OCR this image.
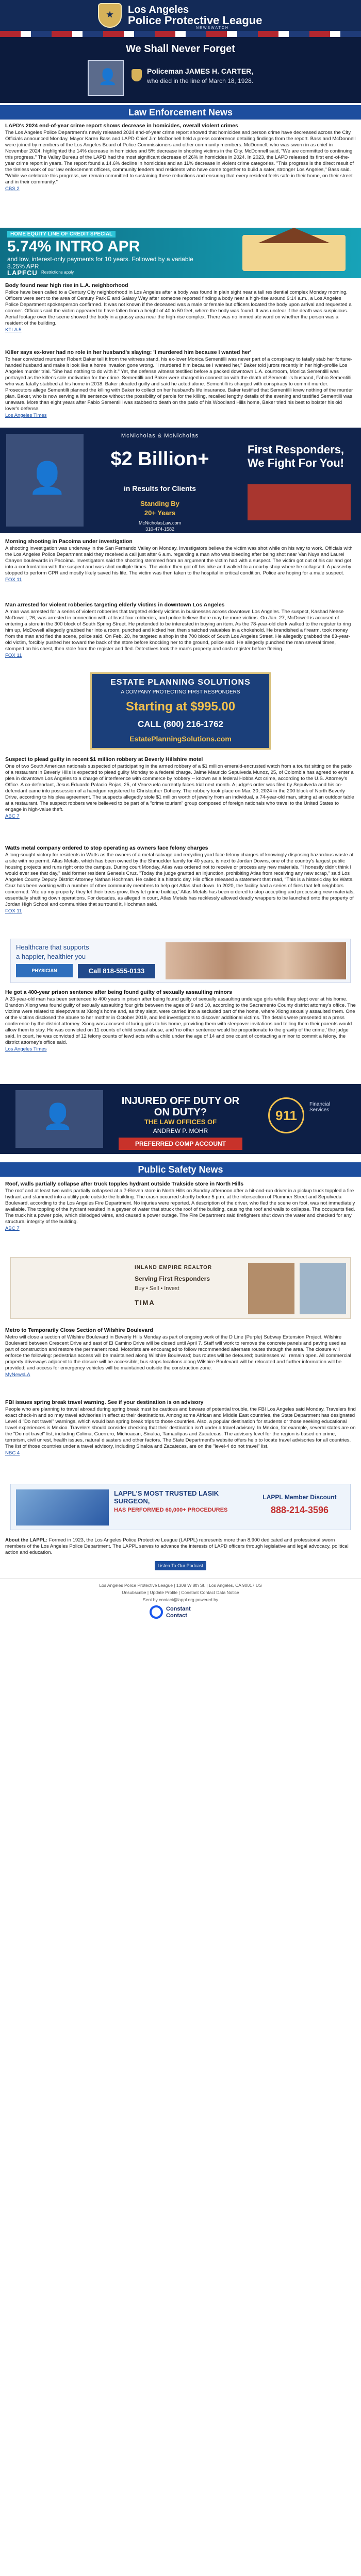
★
Los Angeles
Police Protective League
NEWSWATCH
We Shall Never Forget
👤
Policeman JAMES H. CARTER,
who died in the line of March 18, 1928.
Law Enforcement News
LAPD's 2024 end-of-year crime report shows decrease in homicides, overall violent crimes
The Los Angeles Police Department's newly released 2024 end-of-year crime report showed that homicides and person crime have decreased across the City. Officials announced Monday. Mayor Karen Bass and LAPD Chief Jim McDonnell held a press conference detailing findings from the report. Bass and McDonnell were joined by members of the Los Angeles Board of Police Commissioners and other community members. McDonnell, who was sworn in as chief in November 2024, highlighted the 14% decrease in homicides and 5% decrease in shooting victims in the City. McDonnell said, "We are committed to continuing this progress." The Valley Bureau of the LAPD had the most significant decrease of 26% in homicides in 2024. In 2023, the LAPD released its first end-of-the-year crime report in years. The report found a 14.6% decline in homicides and an 11% decrease in violent crime categories. "This progress is the direct result of the tireless work of our law enforcement officers, community leaders and residents who have come together to build a safer, stronger Los Angeles," Bass said. "While we celebrate this progress, we remain committed to sustaining these reductions and ensuring that every resident feels safe in their home, on their street and in their community."
CBS 2
HOME EQUITY LINE OF CREDIT SPECIAL
5.74% INTRO APR
and low, interest-only payments for 10 years. Followed by a variable 8.25% APR
LAPFCU Restrictions apply.
Body found near high rise in L.A. neighborhood
Police have been called to a Century City neighborhood in Los Angeles after a body was found in plain sight near a tall residential complex Monday morning. Officers were sent to the area of Century Park E and Galaxy Way after someone reported finding a body near a high-rise around 9:14 a.m., a Los Angeles Police Department spokesperson confirmed. It was not known if the deceased was a male or female but officers located the body upon arrival and requested a coroner. Officials said the victim appeared to have fallen from a height of 40 to 50 feet, where the body was found. It was unclear if the death was suspicious. Aerial footage over the scene showed the body in a grassy area near the high-rise complex. There was no immediate word on whether the person was a resident of the building.
KTLA 5
Killer says ex-lover had no role in her husband's slaying: 'I murdered him because I wanted her'
To hear convicted murderer Robert Baker tell it from the witness stand, his ex-lover Monica Sementilli was never part of a conspiracy to fatally stab her fortune-handed husband and make it look like a home invasion gone wrong. "I murdered him because I wanted her," Baker told jurors recently in her high-profile Los Angeles murder trial. "She had nothing to do with it." Yet, the defense witness testified before a packed downtown L.A. courtroom, Monica Sementilli was portrayed as the killer's sole motivation for the crime. Sementilli and Baker were charged in connection with the death of Sementilli's husband, Fabio Sementilli, who was fatally stabbed at his home in 2018. Baker pleaded guilty and said he acted alone. Sementilli is charged with conspiracy to commit murder. Prosecutors allege Sementilli planned the killing with Baker to collect on her husband's life insurance. Baker testified that Sementilli knew nothing of the murder plan. Baker, who is now serving a life sentence without the possibility of parole for the killing, recalled lengthy details of the evening and testified Sementilli was unaware. More than eight years after Fabio Sementilli was stabbed to death on the patio of his Woodland Hills home, Baker tried his best to bolster his old lover's defense.
Los Angeles Times
👤
McNicholas & McNicholas
$2 Billion+
in Results for Clients
Standing By
20+ Years
McNicholasLaw.com
310-474-1582
First Responders, We Fight For You!
Morning shooting in Pacoima under investigation
A shooting investigation was underway in the San Fernando Valley on Monday. Investigators believe the victim was shot while on his way to work. Officials with the Los Angeles Police Department said they received a call just after 6 a.m. regarding a man who was bleeding after being shot near Van Nuys and Laurel Canyon boulevards in Pacoima. Investigators said the shooting stemmed from an argument the victim had with a suspect. The victim got out of his car and got into a confrontation with the suspect and was shot multiple times. The victim then got off his bike and walked to a nearby shop where he collapsed. A passerby stopped to perform CPR and mostly likely saved his life. The victim was then taken to the hospital in critical condition. Police are hoping for a male suspect.
FOX 11
Man arrested for violent robberies targeting elderly victims in downtown Los Angeles
A man was arrested for a series of violent robberies that targeted elderly victims in businesses across downtown Los Angeles. The suspect, Kashad Neese McDowell, 26, was arrested in connection with at least four robberies, and police believe there may be more victims. On Jan. 27, McDowell is accused of entering a store in the 300 block of South Spring Street. He pretended to be interested in buying an item. As the 78-year-old clerk walked to the register to ring him up, McDowell allegedly grabbed her into a room, punched and kicked her, then snatched valuables in a chokehold. He brandished a firearm, took money from the man and fled the scene, police said. On Feb. 20, he targeted a shop in the 700 block of South Los Angeles Street. He allegedly grabbed the 83-year-old victim, forcibly pushed her toward the back of the store before knocking her to the ground, police said. He allegedly punched the man several times, stomped on his chest, then stole from the register and fled. Detectives took the man's property and cash register before fleeing.
FOX 11
ESTATE PLANNING SOLUTIONS
A COMPANY PROTECTING FIRST RESPONDERS
Starting at $995.00
CALL (800) 216-1762
EstatePlanningSolutions.com
Suspect to plead guilty in recent $1 million robbery at Beverly Hillshire motel
One of two South American nationals suspected of participating in the armed robbery of a $1 million emerald-encrusted watch from a tourist sitting on the patio of a restaurant in Beverly Hills is expected to plead guilty Monday to a federal charge. Jaime Mauricio Sepulveda Munoz, 25, of Colombia has agreed to enter a plea in downtown Los Angeles to a charge of interference with commerce by robbery -- known as a federal Hobbs Act crime, according to the U.S. Attorney's Office. A co-defendant, Jesus Eduardo Palacio Rojas, 25, of Venezuela currently faces trial next month. A judge's order was filed by Sepulveda and his co-defendant came into possession of a handgun registered to Christopher Doheny. The robbery took place on Mar. 30, 2024 in the 200 block of North Beverly Drive, according to his plea agreement. The suspects allegedly stole $1 million worth of jewelry from an individual, a 74-year-old man, sitting at an outdoor table at a restaurant. The suspect robbers were believed to be part of a "crime tourism" group composed of foreign nationals who travel to the United States to engage in high-value theft.
ABC 7
Watts metal company ordered to stop operating as owners face felony charges
A long-sought victory for residents in Watts as the owners of a metal salvage and recycling yard face felony charges of knowingly disposing hazardous waste at a site with no permit. Altas Metals, which has been owned by the Shmuckler family for 40 years, is next to Jordan Downs, one of the country's largest public housing projects and runs right onto the campus. During court Monday, Atlas was ordered not to receive or process any new materials. "I honestly didn't think I would ever see that day," said former resident Genesis Cruz. "Today the judge granted an injunction, prohibiting Atlas from receiving any new scrap," said Los Angeles County Deputy District Attorney Nathan Hochman. He called it a historic day. His office released a statement that read, "This is a historic day for Watts. Cruz has been working with a number of other community members to help get Atlas shut down. In 2020, the facility had a series of fires that left neighbors concerned. 'Ate up my property, they let their trees grow, they let grime buildup,' Atlas Metals has been ordered to stop accepting and processing new materials, essentially shutting down operations. For decades, as alleged in court, Atlas Metals has recklessly allowed deadly wrappers to be launched onto the property of Jordan High School and communities that surround it, Hochman said.
FOX 11
Healthcare that supports
a happier, healthier you
PHYSICIAN	Call 818-555-0133
He got a 400-year prison sentence after being found guilty of sexually assaulting minors
A 23-year-old man has been sentenced to 400 years in prison after being found guilty of sexually assaulting underage girls while they slept over at his home. Brandon Xiong was found guilty of sexually assaulting four girls between the ages of 9 and 10, according to the Sacramento County district attorney's office. The victims were related to sleepovers at Xiong's home and, as they slept, were carried into a secluded part of the home, where Xiong sexually assaulted them. One of the victims disclosed the abuse to her mother in October 2019, and led investigators to discover additional victims. The details were presented at a press conference by the district attorney. Xiong was accused of luring girls to his home, providing them with sleepover invitations and telling them their parents would allow them to stay. He was convicted on 11 counts of child sexual abuse, and 'no other sentence would be proportionate to the gravity of the crime,' the judge said. In court, he was convicted of 12 felony counts of lewd acts with a child under the age of 14 and one count of contacting a minor to commit a felony, the district attorney's office said.
Los Angeles Times
👤
INJURED OFF DUTY OR ON DUTY?
THE LAW OFFICES OF
ANDREW P. MOHR
PREFERRED COMP ACCOUNT
911
Financial Services
Public Safety News
Roof, walls partially collapse after truck topples hydrant outside Trakside store in North Hills
The roof and at least two walls partially collapsed at a 7-Eleven store in North Hills on Sunday afternoon after a hit-and-run driver in a pickup truck toppled a fire hydrant and slammed into a utility pole outside the building. The crash occurred shortly before 5 p.m. at the intersection of Plummer Street and Sepulveda Boulevard, according to the Los Angeles Fire Department. No injuries were reported. A description of the driver, who fled the scene on foot, was not immediately available. The toppling of the hydrant resulted in a geyser of water that struck the roof of the building, causing the roof and walls to collapse. The occupants fled. The truck hit a power pole, which dislodged wires, and caused a power outage. The Fire Department said firefighters shut down the water and checked for any structural integrity of the building.
ABC 7
INLAND EMPIRE REALTOR
Serving First Responders
Buy • Sell • Invest
TIMA
Metro to Temporarily Close Section of Wilshire Boulevard
Metro will close a section of Wilshire Boulevard in Beverly Hills Monday as part of ongoing work of the D Line (Purple) Subway Extension Project. Wilshire Boulevard between Crescent Drive and east of El Camino Drive will be closed until April 7. Staff will work to remove the concrete panels and paving used as part of construction and restore the permanent road. Motorists are encouraged to follow recommended alternate routes through the area. The closure will enforce the following: pedestrian access will be maintained along Wilshire Boulevard; bus routes will be detoured; businesses will remain open. All commercial property driveways adjacent to the closure will be accessible; bus stops locations along Wilshire Boulevard will be relocated and further information will be provided; and access for emergency vehicles will be maintained outside the construction zone.
MyNewsLA
FBI issues spring break travel warning. See if your destination is on advisory
People who are planning to travel abroad during spring break must be cautious and beware of potential trouble, the FBI Los Angeles said Monday. Travelers find exact check-in and so may travel advisories in effect at their destinations. Among some African and Middle East countries, the State Department has designated Level 4 "Do not travel" warnings, which would ban spring break trips to those countries. Also, a popular destination for students or those seeking educational travel experiences is Mexico. Travelers should consider checking that their destination isn't under a travel advisory. In Mexico, for example, several states are on the "Do not travel" list, including Colima, Guerrero, Michoacan, Sinaloa, Tamaulipas and Zacatecas. The advisory level for the region is based on crime, terrorism, civil unrest, health issues, natural disasters and other factors. The State Department's website offers help to locate travel advisories for all countries. The list of those countries under a travel advisory, including Sinaloa and Zacatecas, are on the "level-4 do not travel" list.
NBC 4
LAPPL'S MOST TRUSTED LASIK SURGEON,
HAS PERFORMED 60,000+ PROCEDURES
LAPPL Member Discount
888-214-3596
About the LAPPL: Formed in 1923, the Los Angeles Police Protective League (LAPPL) represents more than 8,900 dedicated and professional sworn members of the Los Angeles Police Department. The LAPPL serves to advance the interests of LAPD officers through legislative and legal advocacy, political action and education.
Listen To Our Podcast
Los Angeles Police Protective League | 1308 W 8th St. | Los Angeles, CA 90017 US
Unsubscribe | Update Profile | Constant Contact Data Notice
Sent by contact@lappl.org powered by
Constant
Contact
